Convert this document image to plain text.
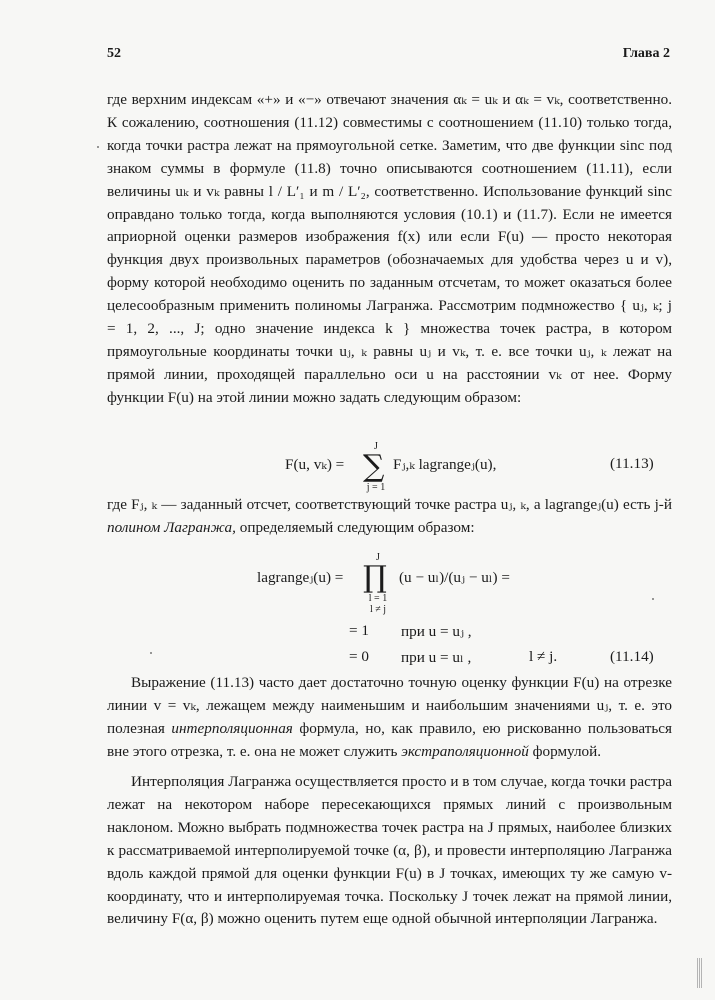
52	Глава 2

где верхним индексам «+» и «−» отвечают значения αₖ = uₖ и αₖ = vₖ, соответственно. К сожалению, соотношения (11.12) совместимы с соотношением (11.10) только тогда, когда точки растра лежат на прямоугольной сетке. Заметим, что две функции sinc под знаком суммы в формуле (11.8) точно описываются соотношением (11.11), если величины uₖ и vₖ равны l / L′₁ и m / L′₂, соответственно. Использование функций sinc оправдано только тогда, когда выполняются условия (10.1) и (11.7). Если не имеется априорной оценки размеров изображения f(x) или если F(u) — просто некоторая функция двух произвольных параметров (обозначаемых для удобства через u и v), форму которой необходимо оценить по заданным отсчетам, то может оказаться более целесообразным применить полиномы Лагранжа. Рассмотрим подмножество { uⱼ, ₖ; j = 1, 2, ..., J; одно значение индекса k } множества точек растра, в котором прямоугольные координаты точки uⱼ, ₖ равны uⱼ и vₖ, т. е. все точки uⱼ, ₖ лежат на прямой линии, проходящей параллельно оси u на расстоянии vₖ от нее. Форму функции F(u) на этой линии можно задать следующим образом:

F(u, vₖ) =
J
∑
j = 1
Fⱼ,ₖ lagrangeⱼ(u),	(11.13)

где Fⱼ, ₖ — заданный отсчет, соответствующий точке растра uⱼ, ₖ, а lagrangeⱼ(u) есть j-й полином Лагранжа, определяемый следующим образом:

lagrangeⱼ(u) =
J
∏
l = 1
l ≠ j
(u − uₗ)/(uⱼ − uₗ) =
= 1 при u = uⱼ ,
= 0 при u = uₗ ,	l ≠ j.	(11.14)

Выражение (11.13) часто дает достаточно точную оценку функции F(u) на отрезке линии v = vₖ, лежащем между наименьшим и наибольшим значениями uⱼ, т. е. это полезная интерполяционная формула, но, как правило, ею рискованно пользоваться вне этого отрезка, т. е. она не может служить экстраполяционной формулой.

Интерполяция Лагранжа осуществляется просто и в том случае, когда точки растра лежат на некотором наборе пересекающихся прямых линий с произвольным наклоном. Можно выбрать подмножества точек растра на J прямых, наиболее близких к рассматриваемой интерполируемой точке (α, β), и провести интерполяцию Лагранжа вдоль каждой прямой для оценки функции F(u) в J точках, имеющих ту же самую v-координату, что и интерполируемая точка. Поскольку J точек лежат на прямой линии, величину F(α, β) можно оценить путем еще одной обычной интерполяции Лагранжа.
